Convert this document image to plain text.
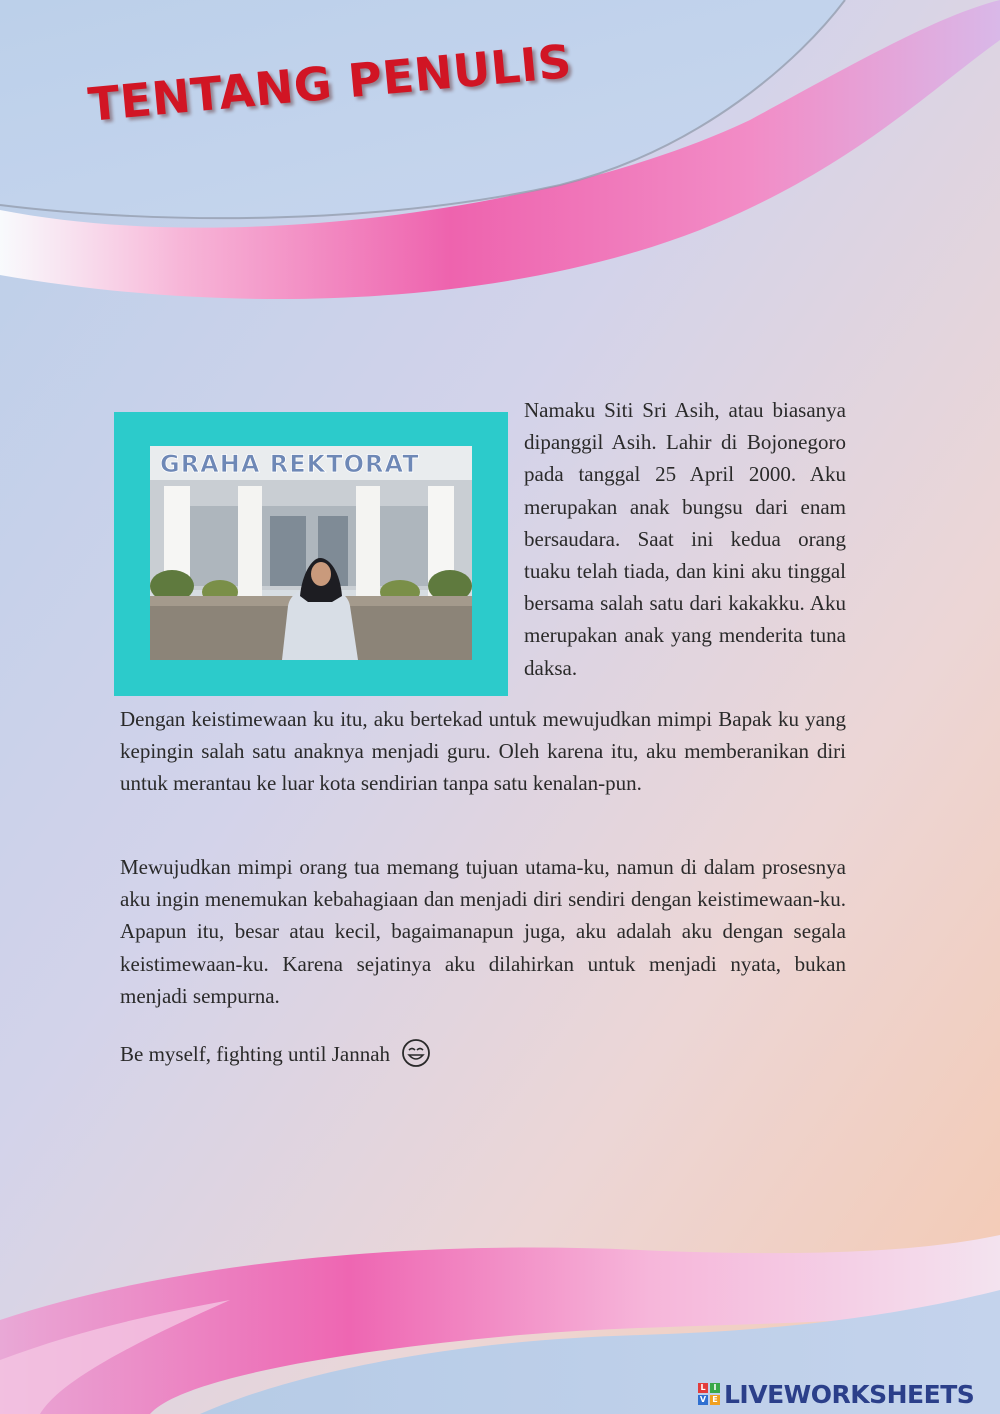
TENTANG PENULIS
GRAHA REKTORAT

Namaku Siti Sri Asih, atau biasanya dipanggil Asih. Lahir di Bojonegoro pada tanggal 25 April 2000. Aku merupakan anak bungsu dari enam bersaudara. Saat ini kedua orang tuaku telah tiada, dan kini aku tinggal bersama salah satu dari kakakku. Aku merupakan anak yang menderita tuna daksa.

Dengan keistimewaan ku itu, aku bertekad untuk mewujudkan mimpi Bapak ku yang kepingin salah satu anaknya menjadi guru. Oleh karena itu, aku memberanikan diri untuk merantau ke luar kota sendirian tanpa satu kenalan-pun.

Mewujudkan mimpi orang tua memang tujuan utama-ku, namun di dalam prosesnya aku ingin menemukan kebahagiaan dan menjadi diri sendiri dengan keistimewaan-ku. Apapun itu, besar atau kecil, bagaimanapun juga, aku adalah aku dengan segala keistimewaan-ku. Karena sejatinya aku dilahirkan untuk menjadi nyata, bukan menjadi sempurna.

Be myself, fighting until Jannah

L I
V E LIVEWORKSHEETS
